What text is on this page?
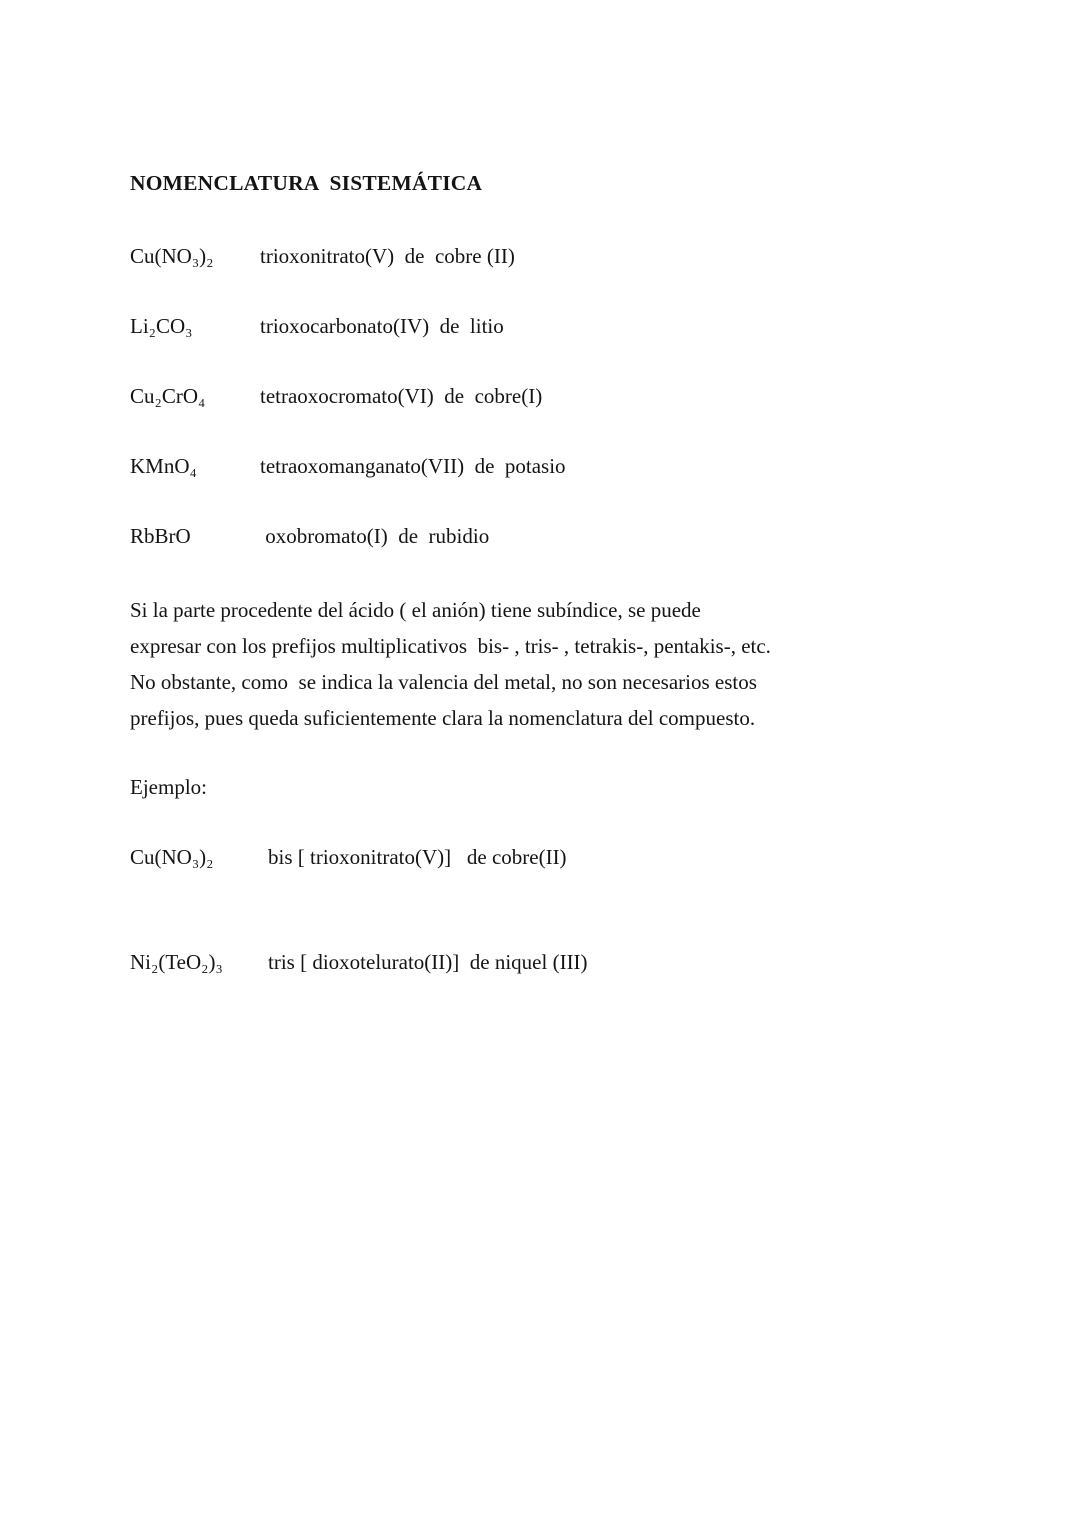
NOMENCLATURA  SISTEMÁTICA
Cu(NO₃)₂	trioxonitrato(V)  de  cobre (II)
Li₂CO₃	trioxocarbonato(IV)  de  litio
Cu₂CrO₄	tetraoxocromato(VI)  de  cobre(I)
KMnO₄	tetraoxomanganato(VII)  de  potasio
RbBrO	oxobromato(I)  de  rubidio
Si la parte procedente del ácido ( el anión) tiene subíndice, se puede
expresar con los prefijos multiplicativos  bis- , tris- , tetrakis-, pentakis-, etc.
No obstante, como  se indica la valencia del metal, no son necesarios estos
prefijos, pues queda suficientemente clara la nomenclatura del compuesto.
Ejemplo:
Cu(NO₃)₂	bis [ trioxonitrato(V)]   de cobre(II)
Ni₂(TeO₂)₃	tris [ dioxotelurato(II)]  de niquel (III)
